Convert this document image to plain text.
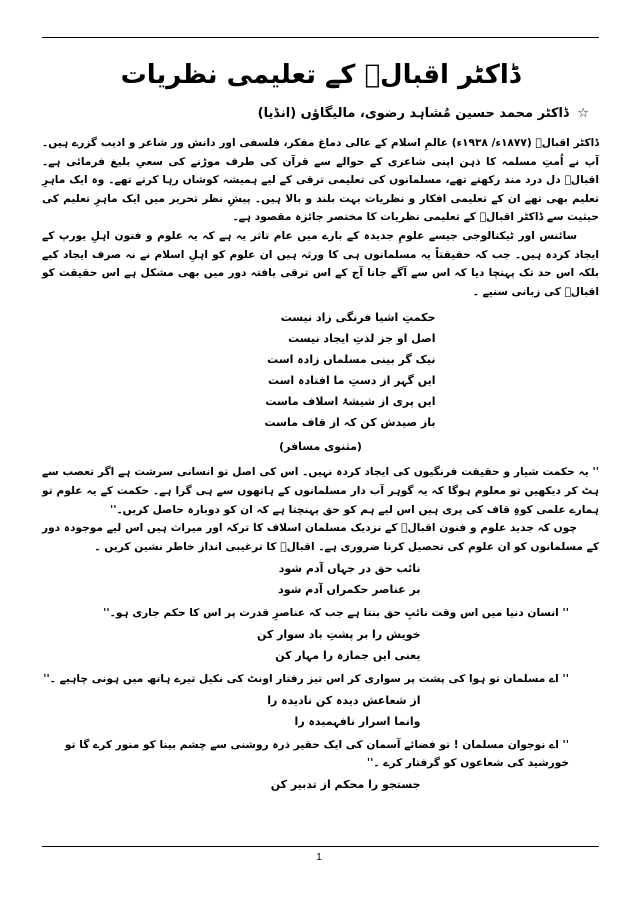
ڈاکٹر اقبالؔ کے تعلیمی نظریات
☆ ڈاکٹر محمد حسین مُشاہد رضوی، مالیگاؤں (انڈیا)

ڈاکٹر اقبالؔ (۱۸۷۷ء/ ۱۹۳۸ء) عالمِ اسلام کے عالی دماغ مفکر، فلسفی اور دانش ور شاعر و ادیب گزرے ہیں۔ آپ نے اُمتِ مسلمہ کا ذہن اپنی شاعری کے حوالے سے قرآن کی طرف موڑنے کی سعیِ بلیغ فرمائی ہے۔ اقبالؔ دل درد مند رکھتے تھے، مسلمانوں کی تعلیمی ترقی کے لیے ہمیشہ کوشاں رہا کرتے تھے۔ وہ ایک ماہرِ تعلیم بھی تھے ان کے تعلیمی افکار و نظریات بہت بلند و بالا ہیں۔ پیشِ نظر تحریر میں ایک ماہرِ تعلیم کی حیثیت سے ڈاکٹر اقبالؔ کے تعلیمی نظریات کا مختصر جائزہ مقصود ہے۔

سائنس اور ٹیکنالوجی جیسے علومِ جدیدہ کے بارے میں عام تاثر یہ ہے کہ یہ علوم و فنون اہلِ یورپ کے ایجاد کردہ ہیں۔ جب کہ حقیقتاً یہ مسلمانوں ہی کا ورثہ ہیں ان علوم کو اہلِ اسلام نے نہ صرف ایجاد کیے بلکہ اس حد تک پہنچا دیا کہ اس سے آگے جانا آج کے اس ترقی یافتہ دور میں بھی مشکل ہے اس حقیقت کو اقبالؔ کی زبانی سنیے ۔

حکمتِ اشیا فرنگی زاد نیست
اصل او جز لذتِ ایجاد نیست
نیک گر بینی مسلماں زادہ است
ایں گہر از دستِ ما افتادہ است
ایں پری از شیشۂ اسلاف ماست
باز صیدش کن کہ از قاف ماست
(مثنوی مسافر)

'' یہ حکمت شیار و حقیقت فرنگیوں کی ایجاد کردہ نہیں۔ اس کی اصل تو انسانی سرشت ہے اگر تعصب سے ہٹ کر دیکھیں تو معلوم ہوگا کہ یہ گوہر آب دار مسلمانوں کے ہاتھوں سے ہی گرا ہے۔ حکمت کے یہ علوم تو ہمارے علمی کوہِ قاف کی پری ہیں اس لیے ہم کو حق پہنچتا ہے کہ ان کو دوبارہ حاصل کریں۔''

چوں کہ جدید علوم و فنون اقبالؔ کے نزدیک مسلمان اسلاف کا ترکہ اور میراث ہیں اس لیے موجودہ دور کے مسلمانوں کو ان علوم کی تحصیل کرنا ضروری ہے۔ اقبالؔ کا ترغیبی انداز خاطر نشین کریں ۔

نائب حق در جہاں آدم شود
بر عناصر حکمراں آدم شود
'' انسان دنیا میں اس وقت نائبِ حق بنتا ہے جب کہ عناصرِ قدرت پر اس کا حکم جاری ہو۔''
خویش را بر پشتِ باد سوار کن
یعنی ایں جمازہ را مہار کن
'' اے مسلمان تو ہوا کی پشت پر سواری کر اس تیز رفتار اونٹ کی نکیل تیرے ہاتھ میں ہونی چاہیے ۔''
از شعاعش دیدہ کن نادیدہ را
وانما اسرار نافہمیدہ را
'' اے نوجوان مسلمان ! تو فضائے آسمان کی ایک حقیر ذرہ روشنی سے چشم بینا کو منور کرے گا تو خورشید کی شعاعوں کو گرفتار کرے ۔''
جستجو را محکم از تدبیر کن
1
